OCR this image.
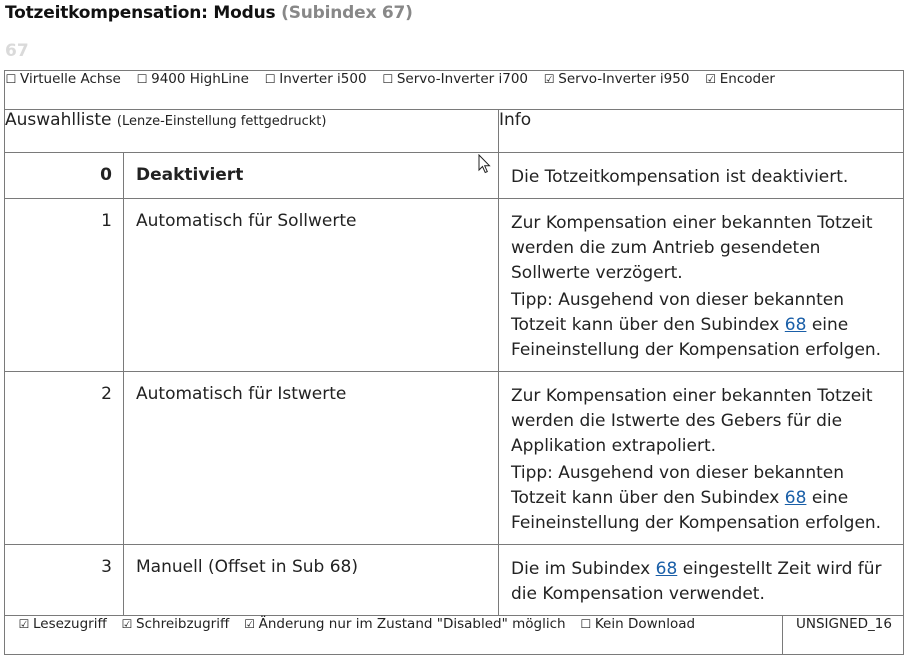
Totzeitkompensation: Modus (Subindex 67)
67
☐ Virtuelle Achse ☐ 9400 HighLine ☐ Inverter i500 ☐ Servo-Inverter i700 ☑ Servo-Inverter i950 ☑ Encoder			
Auswahlliste (Lenze-Einstellung fettgedruckt)		Info	
0	Deaktiviert	Die Totzeitkompensation ist deaktiviert.	

1	Automatisch für Sollwerte	Zur Kompensation einer bekannten Totzeit werden die zum Antrieb gesendeten Sollwerte verzögert.

Tipp: Ausgehend von dieser bekannten Totzeit kann über den Subindex 68 eine Feineinstellung der Kompensation erfolgen.	

2	Automatisch für Istwerte	Zur Kompensation einer bekannten Totzeit werden die Istwerte des Gebers für die Applikation extrapoliert.

Tipp: Ausgehend von dieser bekannten Totzeit kann über den Subindex 68 eine Feineinstellung der Kompensation erfolgen.	

3	Manuell (Offset in Sub 68)	Die im Subindex 68 eingestellt Zeit wird für die Kompensation verwendet.	

☑ Lesezugriff ☑ Schreibzugriff ☑ Änderung nur im Zustand "Disabled" möglich ☐ Kein Download			UNSIGNED_16
